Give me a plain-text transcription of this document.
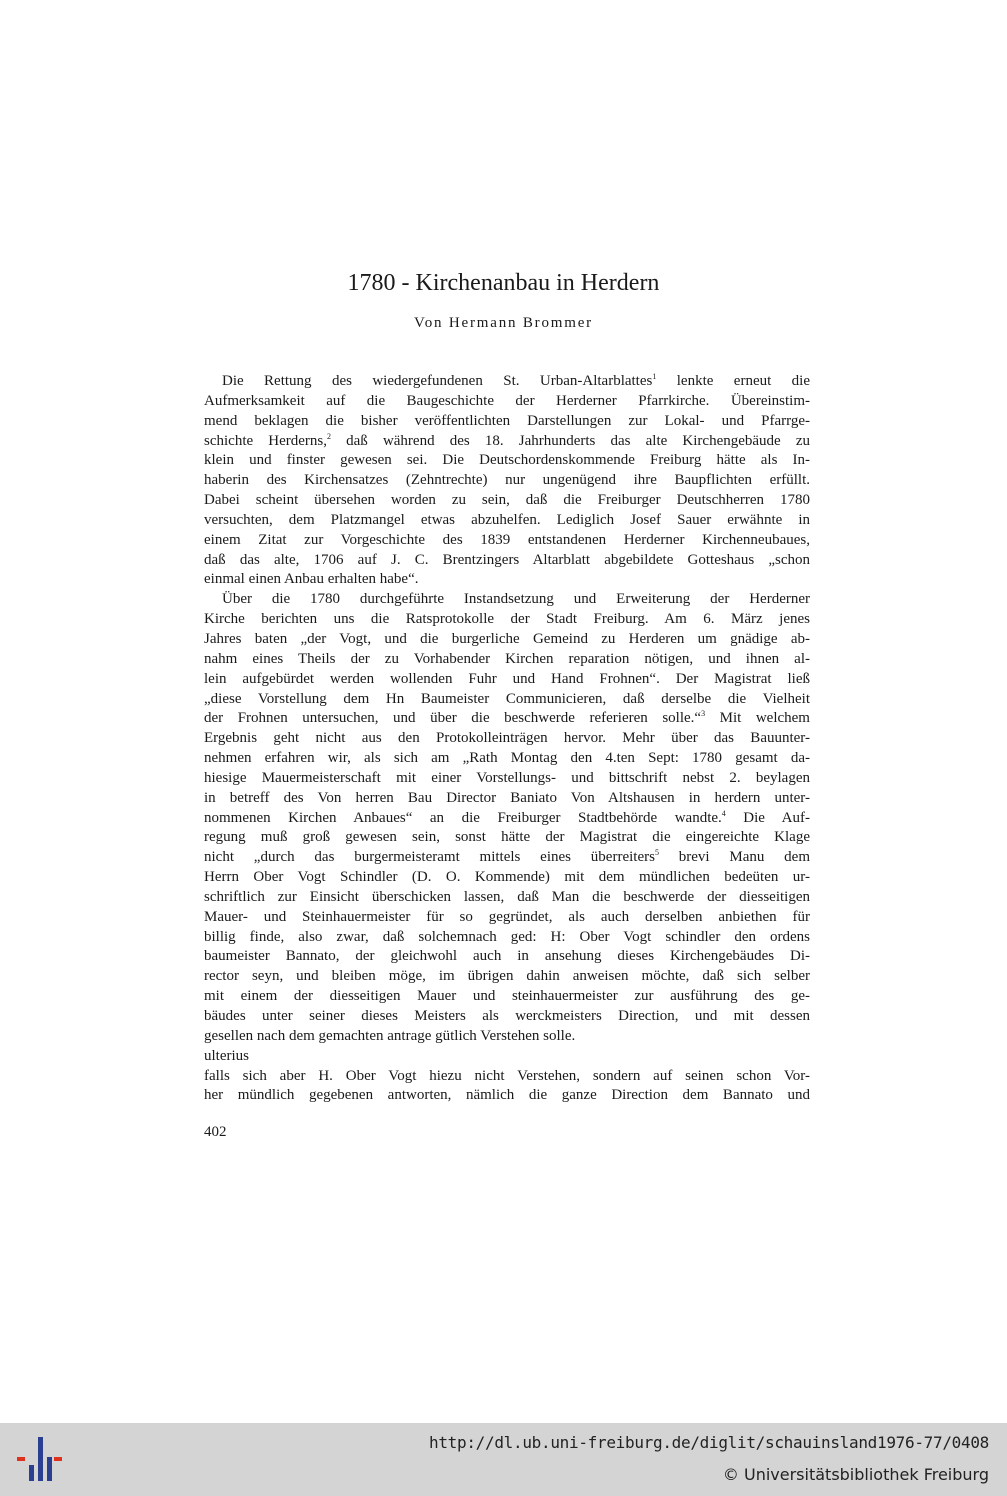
1780 - Kirchenanbau in Herdern
Von Hermann Brommer
Die Rettung des wiedergefundenen St. Urban-Altarblattes$^1$ lenkte erneut die
Aufmerksamkeit auf die Baugeschichte der Herderner Pfarrkirche. Übereinstim-
mend beklagen die bisher veröffentlichten Darstellungen zur Lokal- und Pfarrge-
schichte Herderns,$^2$ daß während des 18. Jahrhunderts das alte Kirchengebäude zu
klein und finster gewesen sei. Die Deutschordenskommende Freiburg hätte als In-
haberin des Kirchensatzes (Zehntrechte) nur ungenügend ihre Baupflichten erfüllt.
Dabei scheint übersehen worden zu sein, daß die Freiburger Deutschherren 1780
versuchten, dem Platzmangel etwas abzuhelfen. Lediglich Josef Sauer erwähnte in
einem Zitat zur Vorgeschichte des 1839 entstandenen Herderner Kirchenneubaues,
daß das alte, 1706 auf J. C. Brentzingers Altarblatt abgebildete Gotteshaus „schon
einmal einen Anbau erhalten habe“.
Über die 1780 durchgeführte Instandsetzung und Erweiterung der Herderner
Kirche berichten uns die Ratsprotokolle der Stadt Freiburg. Am 6. März jenes
Jahres baten „der Vogt, und die burgerliche Gemeind zu Herderen um gnädige ab-
nahm eines Theils der zu Vorhabender Kirchen reparation nötigen, und ihnen al-
lein aufgebürdet werden wollenden Fuhr und Hand Frohnen“. Der Magistrat ließ
„diese Vorstellung dem Hn Baumeister Communicieren, daß derselbe die Vielheit
der Frohnen untersuchen, und über die beschwerde referieren solle.“$^3$ Mit welchem
Ergebnis geht nicht aus den Protokolleinträgen hervor. Mehr über das Bauunter-
nehmen erfahren wir, als sich am „Rath Montag den 4.ten Sept: 1780 gesamt da-
hiesige Mauermeisterschaft mit einer Vorstellungs- und bittschrift nebst 2. beylagen
in betreff des Von herren Bau Director Baniato Von Altshausen in herdern unter-
nommenen Kirchen Anbaues“ an die Freiburger Stadtbehörde wandte.$^4$ Die Auf-
regung muß groß gewesen sein, sonst hätte der Magistrat die eingereichte Klage
nicht „durch das burgermeisteramt mittels eines überreiters$^5$ brevi Manu dem
Herrn Ober Vogt Schindler (D. O. Kommende) mit dem mündlichen bedeüten ur-
schriftlich zur Einsicht überschicken lassen, daß Man die beschwerde der diesseitigen
Mauer- und Steinhauermeister für so gegründet, als auch derselben anbiethen für
billig finde, also zwar, daß solchemnach ged: H: Ober Vogt schindler den ordens
baumeister Bannato, der gleichwohl auch in ansehung dieses Kirchengebäudes Di-
rector seyn, und bleiben möge, im übrigen dahin anweisen möchte, daß sich selber
mit einem der diesseitigen Mauer und steinhauermeister zur ausführung des ge-
bäudes unter seiner dieses Meisters als werckmeisters Direction, und mit dessen
gesellen nach dem gemachten antrage gütlich Verstehen solle.
ulterius
falls sich aber H. Ober Vogt hiezu nicht Verstehen, sondern auf seinen schon Vor-
her mündlich gegebenen antworten, nämlich die ganze Direction dem Bannato und
402
http://dl.ub.uni-freiburg.de/diglit/schauinsland1976-77/0408
© Universitätsbibliothek Freiburg
